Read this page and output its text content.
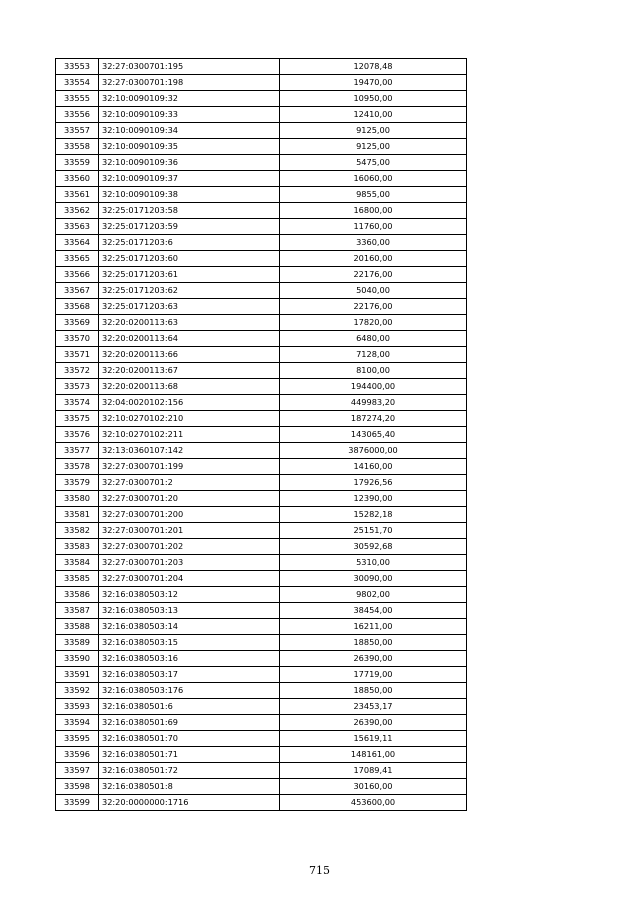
33553	32:27:0300701:195	12078,48
33554	32:27:0300701:198	19470,00
33555	32:10:0090109:32	10950,00
33556	32:10:0090109:33	12410,00
33557	32:10:0090109:34	9125,00
33558	32:10:0090109:35	9125,00
33559	32:10:0090109:36	5475,00
33560	32:10:0090109:37	16060,00
33561	32:10:0090109:38	9855,00
33562	32:25:0171203:58	16800,00
33563	32:25:0171203:59	11760,00
33564	32:25:0171203:6	3360,00
33565	32:25:0171203:60	20160,00
33566	32:25:0171203:61	22176,00
33567	32:25:0171203:62	5040,00
33568	32:25:0171203:63	22176,00
33569	32:20:0200113:63	17820,00
33570	32:20:0200113:64	6480,00
33571	32:20:0200113:66	7128,00
33572	32:20:0200113:67	8100,00
33573	32:20:0200113:68	194400,00
33574	32:04:0020102:156	449983,20
33575	32:10:0270102:210	187274,20
33576	32:10:0270102:211	143065,40
33577	32:13:0360107:142	3876000,00
33578	32:27:0300701:199	14160,00
33579	32:27:0300701:2	17926,56
33580	32:27:0300701:20	12390,00
33581	32:27:0300701:200	15282,18
33582	32:27:0300701:201	25151,70
33583	32:27:0300701:202	30592,68
33584	32:27:0300701:203	5310,00
33585	32:27:0300701:204	30090,00
33586	32:16:0380503:12	9802,00
33587	32:16:0380503:13	38454,00
33588	32:16:0380503:14	16211,00
33589	32:16:0380503:15	18850,00
33590	32:16:0380503:16	26390,00
33591	32:16:0380503:17	17719,00
33592	32:16:0380503:176	18850,00
33593	32:16:0380501:6	23453,17
33594	32:16:0380501:69	26390,00
33595	32:16:0380501:70	15619,11
33596	32:16:0380501:71	148161,00
33597	32:16:0380501:72	17089,41
33598	32:16:0380501:8	30160,00
33599	32:20:0000000:1716	453600,00
715
